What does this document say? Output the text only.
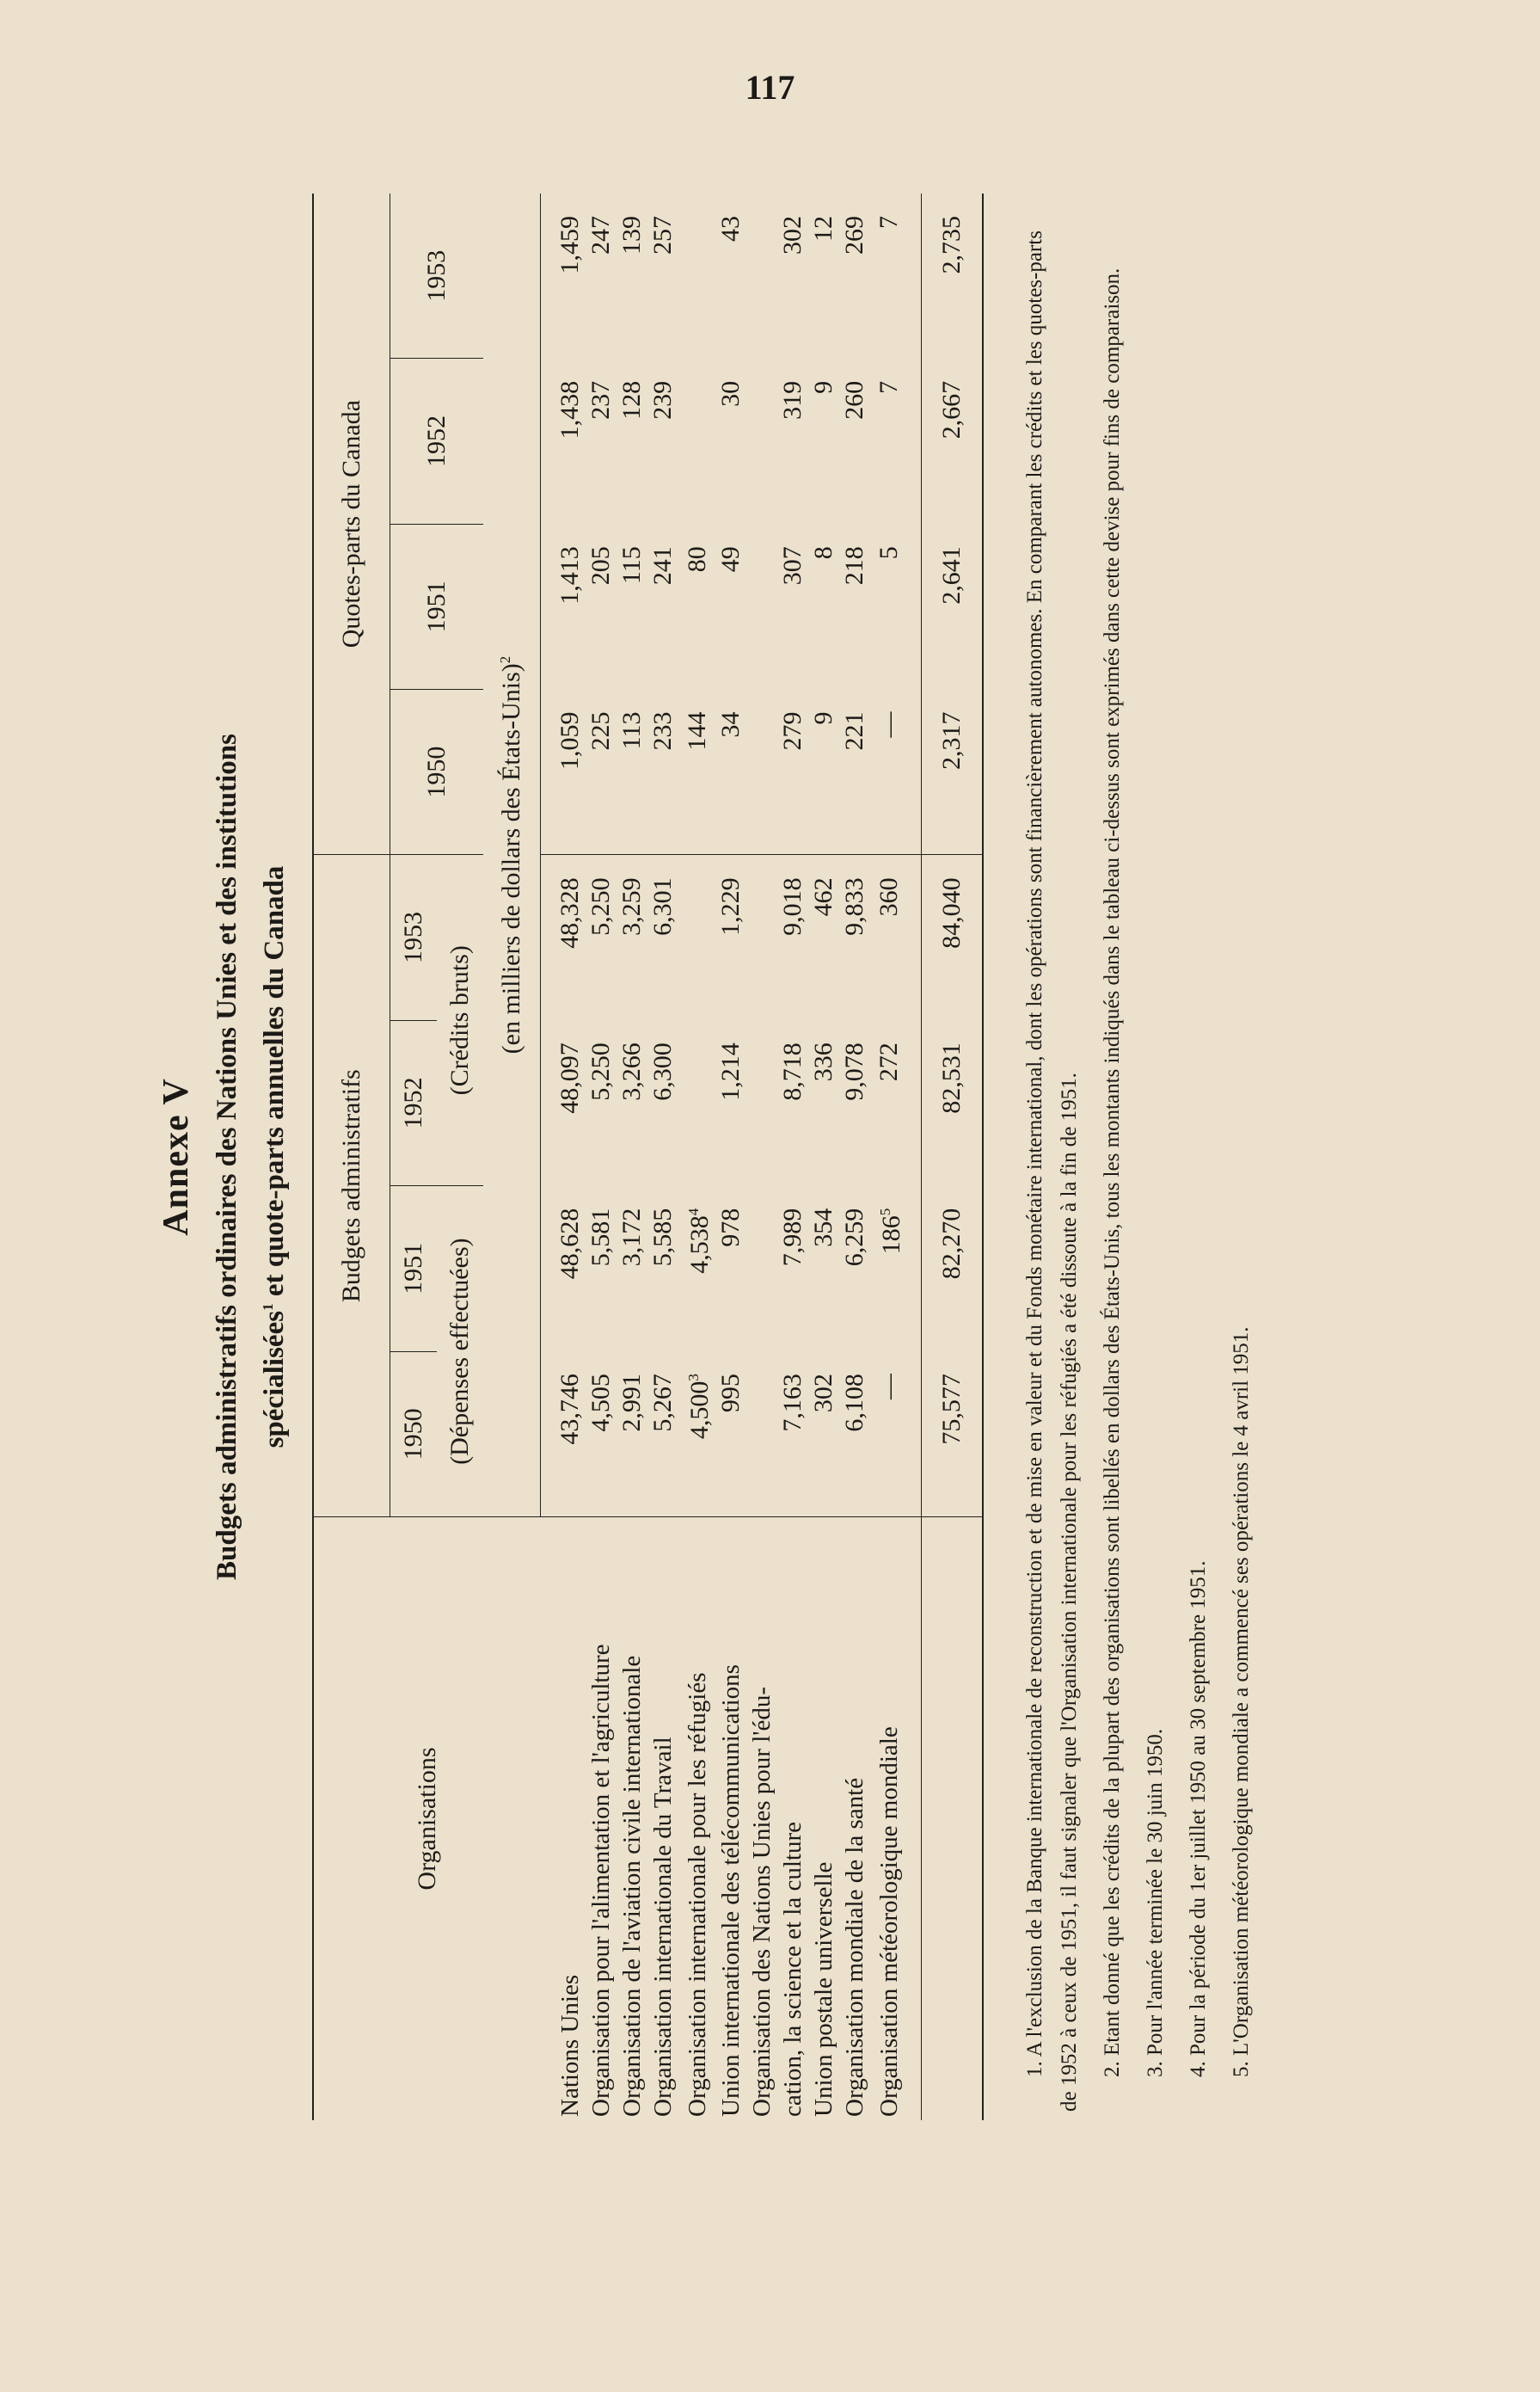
117
Annexe V Budgets administratifs ordinaires des Nations Unies et des institutions spécialisées$^1$ et quote-parts annuelles du Canada
Organisations	Budgets administratifs				Quotes-parts du Canada			
	1950	1951	1952	1953	1950	1951	1952	1953
	(Dépenses effectuées)		(Crédits bruts)					
	(en milliers de dollars des États-Unis)$^2$
Nations Unies	43,746	48,628	48,097	48,328	1,059	1,413	1,438	1,459
Organisation pour l'alimentation et l'agriculture	4,505	5,581	5,250	5,250	225	205	237	247
Organisation de l'aviation civile internationale	2,991	3,172	3,266	3,259	113	115	128	139
Organisation internationale du Travail	5,267	5,585	6,300	6,301	233	241	239	257
Organisation internationale pour les réfugiés	4,500$^3$	4,538$^4$			144	80		
Union internationale des télécommunications	995	978	1,214	1,229	34	49	30	43
Organisation des Nations Unies pour l'édu-								
cation, la science et la culture	7,163	7,989	8,718	9,018	279	307	319	302
Union postale universelle	302	354	336	462	9	8	9	12
Organisation mondiale de la santé	6,108	6,259	9,078	9,833	221	218	260	269
Organisation météorologique mondiale	—	$186^5$	272	360	—	5	7	7
	75,577	82,270	82,531	84,040	2,317	2,641	2,667	2,735	1. A l'exclusion de la Banque internationale de reconstruction et de mise en valeur et du Fonds monétaire international, dont les opérations sont financièrement autonomes. En comparant les crédits et les quotes-parts de 1952 à ceux de 1951, il faut signaler que l'Organisation internationale pour les réfugiés a été dissoute à la fin de 1951. 2. Etant donné que les crédits de la plupart des organisations sont libellés en dollars des États-Unis, tous les montants indiqués dans le tableau ci-dessus sont exprimés dans cette devise pour fins de comparaison. 3. Pour l'année terminée le 30 juin 1950. 4. Pour la période du 1er juillet 1950 au 30 septembre 1951. 5. L'Organisation météorologique mondiale a commencé ses opérations le 4 avril 1951.
